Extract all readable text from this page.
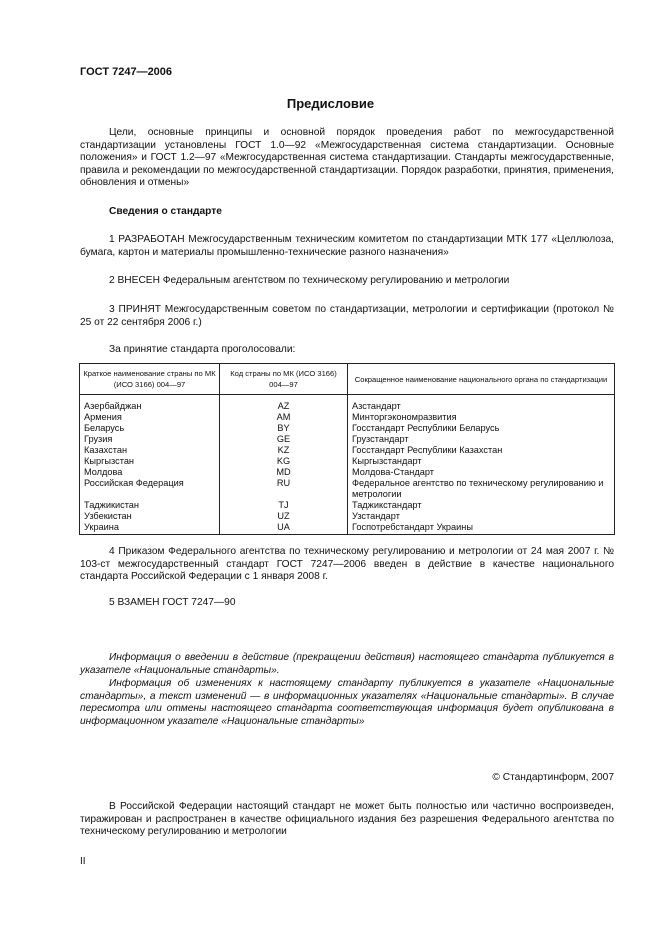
ГОСТ 7247—2006
Предисловие

Цели, основные принципы и основной порядок проведения работ по межгосударственной стандартизации установлены ГОСТ 1.0—92 «Межгосударственная система стандартизации. Основные положения» и ГОСТ 1.2—97 «Межгосударственная система стандартизации. Стандарты межгосударственные, правила и рекомендации по межгосударственной стандартизации. Порядок разработки, принятия, применения, обновления и отмены»

Сведения о стандарте

1 РАЗРАБОТАН Межгосударственным техническим комитетом по стандартизации МТК 177 «Целлюлоза, бумага, картон и материалы промышленно-технические разного назначения»

2 ВНЕСЕН Федеральным агентством по техническому регулированию и метрологии

3 ПРИНЯТ Межгосударственным советом по стандартизации, метрологии и сертификации (протокол № 25 от 22 сентября 2006 г.)

За принятие стандарта проголосовали:

Краткое наименование страны по МК (ИСО 3166) 004—97	Код страны по МК (ИСО 3166) 004—97	Сокращенное наименование национального органа по стандартизации
Азербайджан	AZ	Азстандарт
Армения	AM	Минторгэкономразвития
Беларусь	BY	Госстандарт Республики Беларусь
Грузия	GE	Грузстандарт
Казахстан	KZ	Госстандарт Республики Казахстан
Кыргызстан	KG	Кыргызстандарт
Молдова	MD	Молдова-Стандарт
Российская Федерация	RU	Федеральное агентство по техническому регулированию и метрологии
Таджикистан	TJ	Таджикстандарт
Узбекистан	UZ	Узстандарт
Украина	UA	Госпотребстандарт Украины

4 Приказом Федерального агентства по техническому регулированию и метрологии от 24 мая 2007 г. № 103-ст межгосударственный стандарт ГОСТ 7247—2006 введен в действие в качестве национального стандарта Российской Федерации с 1 января 2008 г.

5 ВЗАМЕН ГОСТ 7247—90

Информация о введении в действие (прекращении действия) настоящего стандарта публикуется в указателе «Национальные стандарты».

Информация об изменениях к настоящему стандарту публикуется в указателе «Национальные стандарты», а текст изменений — в информационных указателях «Национальные стандарты». В случае пересмотра или отмены настоящего стандарта соответствующая информация будет опубликована в информационном указателе «Национальные стандарты»

© Стандартинформ, 2007

В Российской Федерации настоящий стандарт не может быть полностью или частично воспроизведен, тиражирован и распространен в качестве официального издания без разрешения Федерального агентства по техническому регулированию и метрологии

II
